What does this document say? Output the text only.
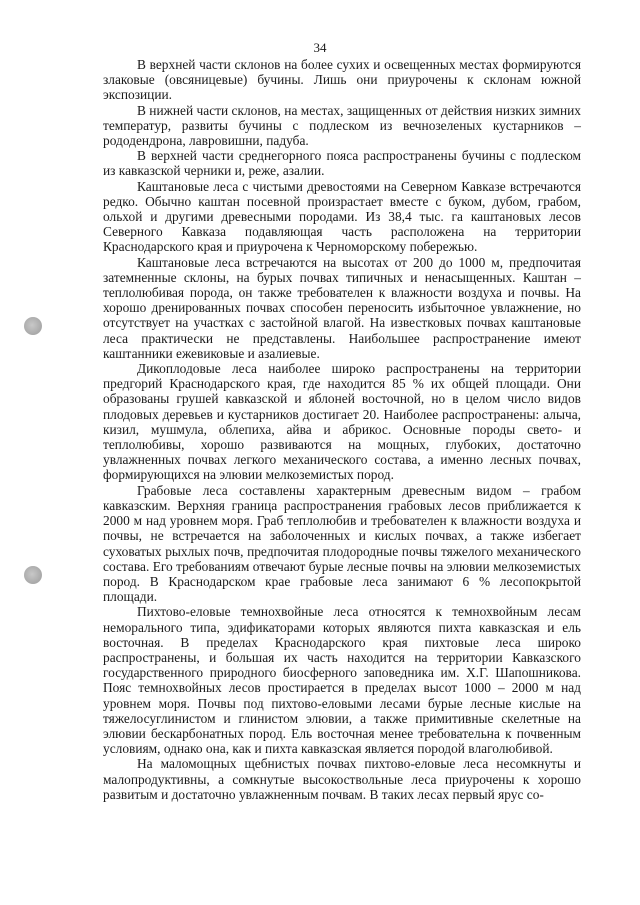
34

В верхней части склонов на более сухих и освещенных местах формируются злаковые (овсяницевые) бучины. Лишь они приурочены к склонам южной экспозиции.

В нижней части склонов, на местах, защищенных от действия низких зимних температур, развиты бучины с подлеском из вечнозеленых кустарников – рододендрона, лавровишни, падуба.

В верхней части среднегорного пояса распространены бучины с подлеском из кавказской черники и, реже, азалии.

Каштановые леса с чистыми древостоями на Северном Кавказе встречаются редко. Обычно каштан посевной произрастает вместе с буком, дубом, грабом, ольхой и другими древесными породами. Из 38,4 тыс. га каштановых лесов Северного Кавказа подавляющая часть расположена на территории Краснодарского края и приурочена к Черноморскому побережью.

Каштановые леса встречаются на высотах от 200 до 1000 м, предпочитая затемненные склоны, на бурых почвах типичных и ненасыщенных. Каштан – теплолюбивая порода, он также требователен к влажности воздуха и почвы. На хорошо дренированных почвах способен переносить избыточное увлажнение, но отсутствует на участках с застойной влагой. На известковых почвах каштановые леса практически не представлены. Наибольшее распространение имеют каштанники ежевиковые и азалиевые.

Дикоплодовые леса наиболее широко распространены на территории предгорий Краснодарского края, где находится 85 % их общей площади. Они образованы грушей кавказской и яблоней восточной, но в целом число видов плодовых деревьев и кустарников достигает 20. Наиболее распространены: алыча, кизил, мушмула, облепиха, айва и абрикос. Основные породы свето- и теплолюбивы, хорошо развиваются на мощных, глубоких, достаточно увлажненных почвах легкого механического состава, а именно лесных почвах, формирующихся на элювии мелкоземистых пород.

Грабовые леса составлены характерным древесным видом – грабом кавказским. Верхняя граница распространения грабовых лесов приближается к 2000 м над уровнем моря. Граб теплолюбив и требователен к влажности воздуха и почвы, не встречается на заболоченных и кислых почвах, а также избегает суховатых рыхлых почв, предпочитая плодородные почвы тяжелого механического состава. Его требованиям отвечают бурые лесные почвы на элювии мелкоземистых пород. В Краснодарском крае грабовые леса занимают 6 % лесопокрытой площади.

Пихтово-еловые темнохвойные леса относятся к темнохвойным лесам неморального типа, эдификаторами которых являются пихта кавказская и ель восточная. В пределах Краснодарского края пихтовые леса широко распространены, и большая их часть находится на территории Кавказского государственного природного биосферного заповедника им. Х.Г. Шапошникова. Пояс темнохвойных лесов простирается в пределах высот 1000 – 2000 м над уровнем моря. Почвы под пихтово-еловыми лесами бурые лесные кислые на тяжелосуглинистом и глинистом элювии, а также примитивные скелетные на элювии бескарбонатных пород. Ель восточная менее требовательна к почвенным условиям, однако она, как и пихта кавказская является породой влаголюбивой.

На маломощных щебнистых почвах пихтово-еловые леса несомкнуты и малопродуктивны, а сомкнутые высокоствольные леса приурочены к хорошо развитым и достаточно увлажненным почвам. В таких лесах первый ярус со-
